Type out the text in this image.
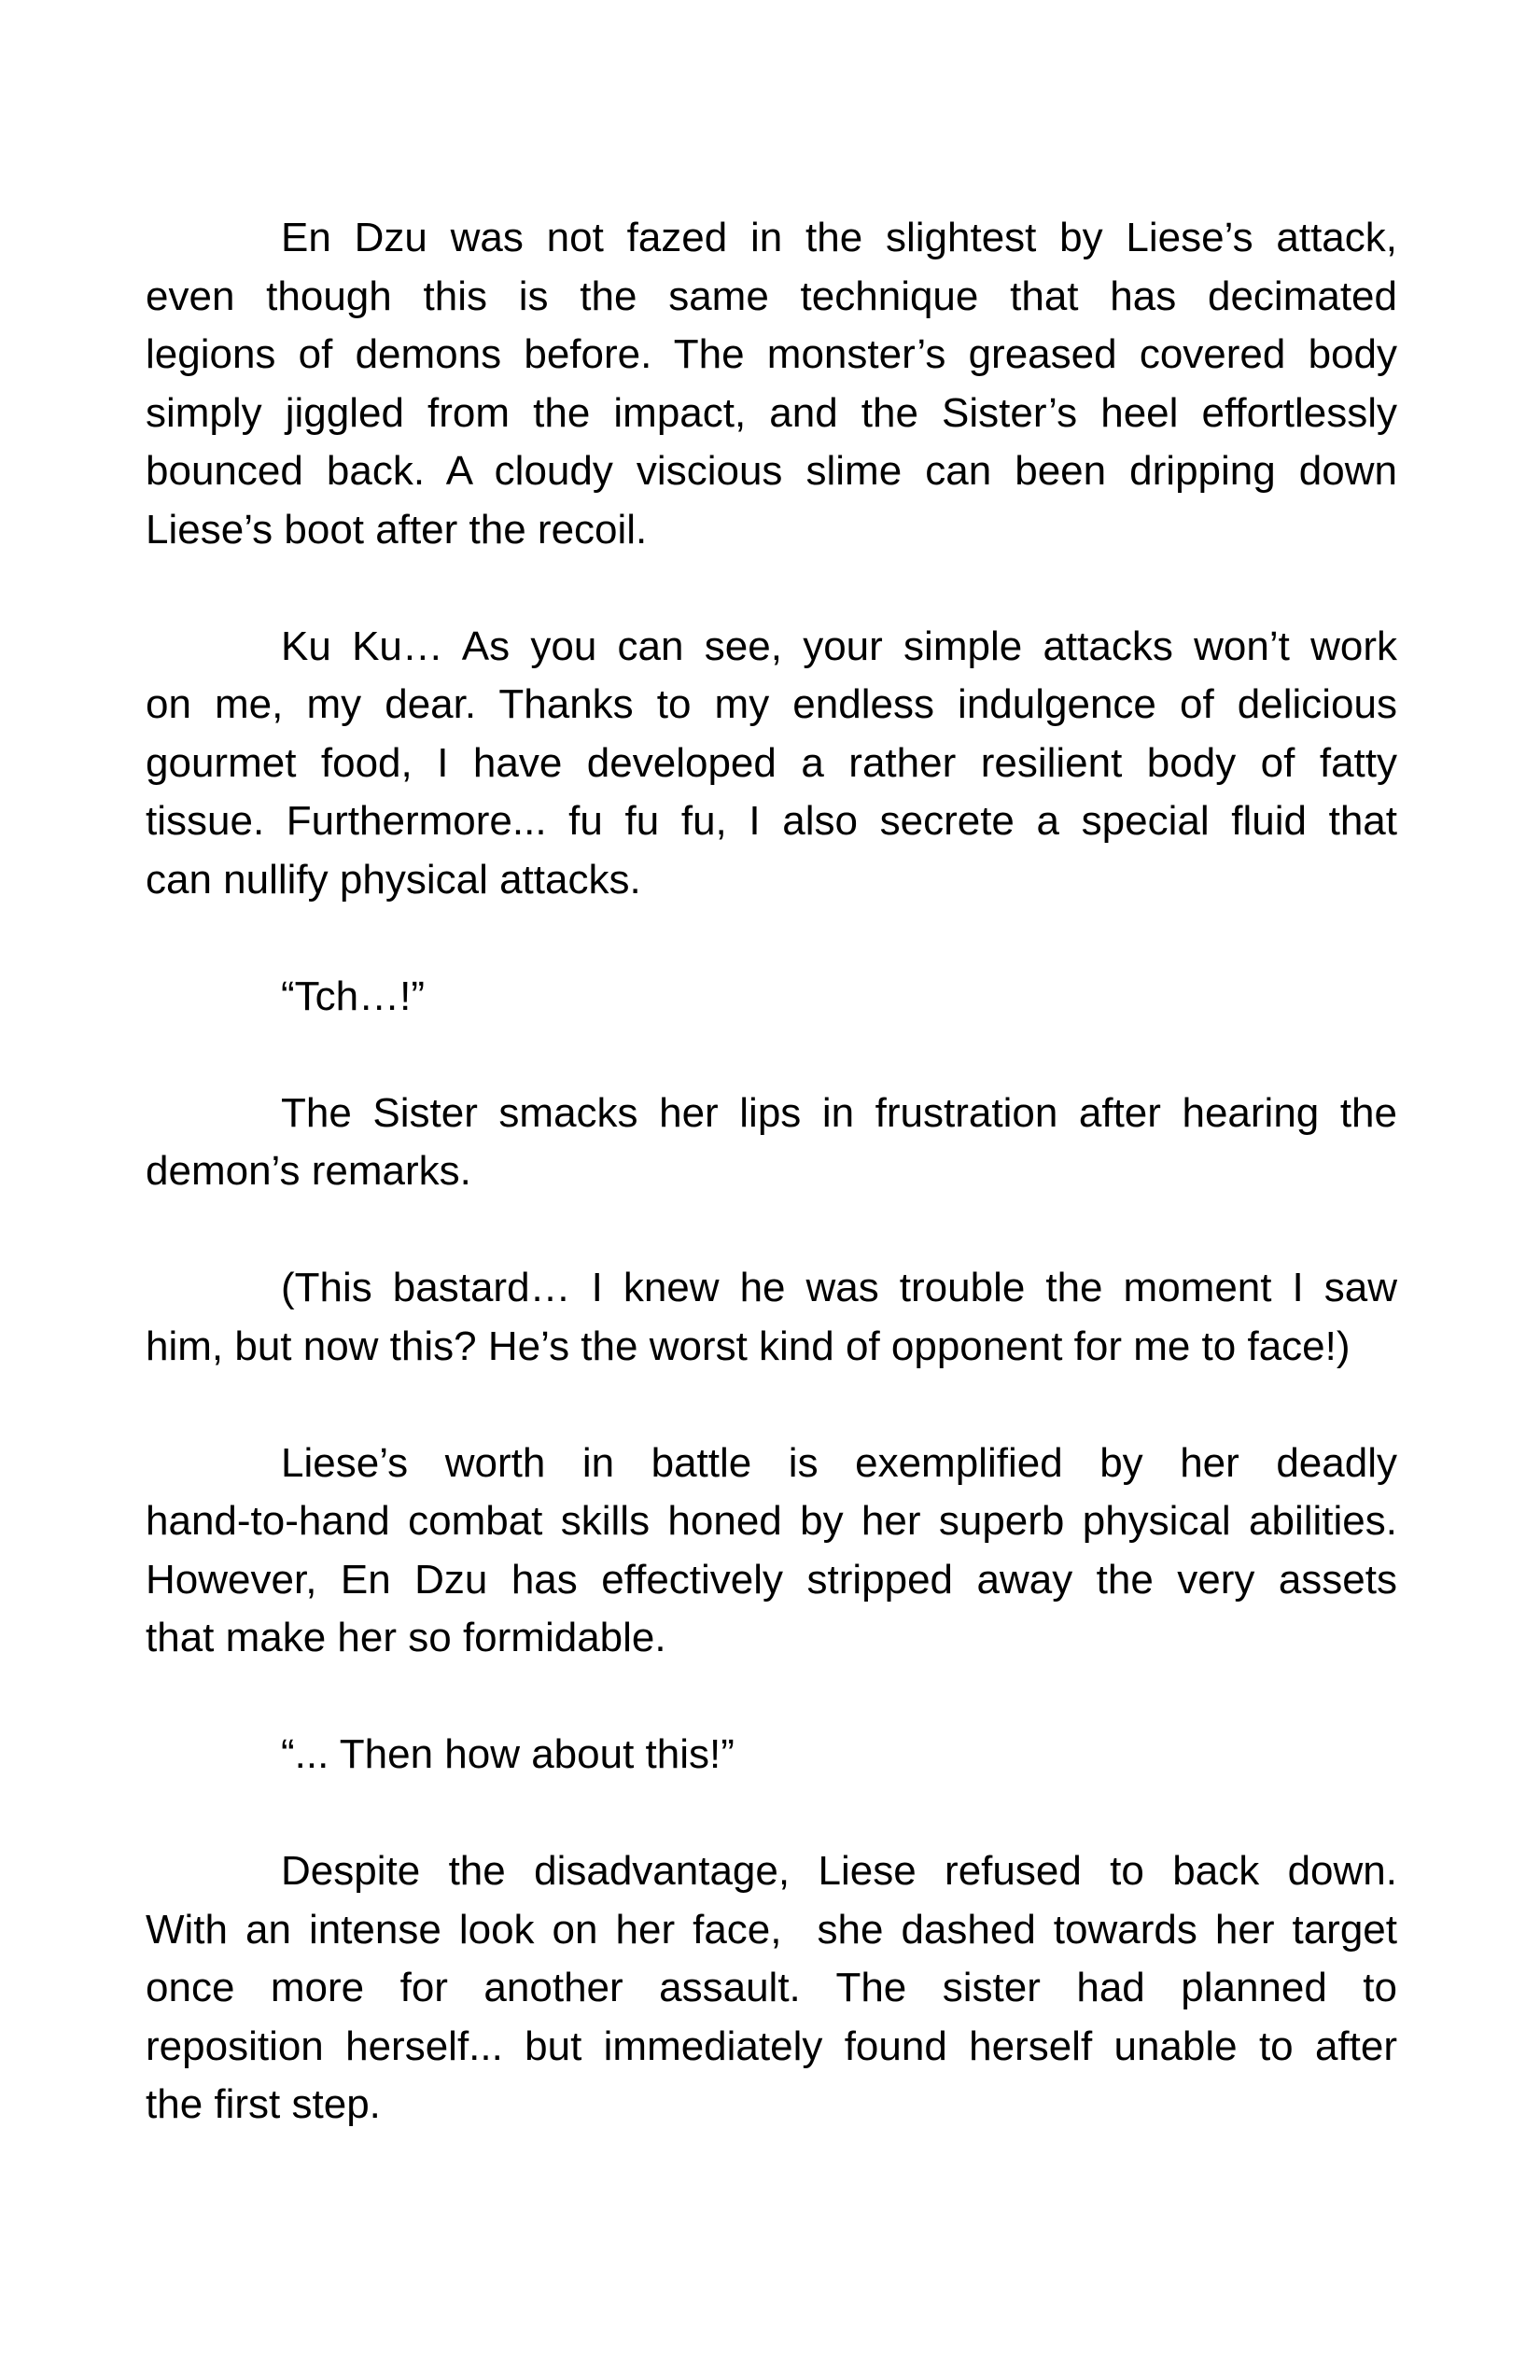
En Dzu was not fazed in the slightest by Liese’s attack,
even though this is the same technique that has decimated
legions of demons before. The monster’s greased covered body
simply jiggled from the impact, and the Sister’s heel effortlessly
bounced back. A cloudy viscious slime can been dripping down
Liese’s boot after the recoil.
Ku Ku… As you can see, your simple attacks won’t work
on me, my dear. Thanks to my endless indulgence of delicious
gourmet food, I have developed a rather resilient body of fatty
tissue. Furthermore... fu fu fu, I also secrete a special fluid that
can nullify physical attacks.
“Tch…!”
The Sister smacks her lips in frustration after hearing the
demon’s remarks.
(This bastard… I knew he was trouble the moment I saw
him, but now this? He’s the worst kind of opponent for me to face!)
Liese’s worth in battle is exemplified by her deadly
hand-to-hand combat skills honed by her superb physical abilities.
However, En Dzu has effectively stripped away the very assets
that make her so formidable.
“... Then how about this!”
Despite the disadvantage, Liese refused to back down.
With an intense look on her face,  she dashed towards her target
once more for another assault. The sister had planned to
reposition herself... but immediately found herself unable to after
the first step.
